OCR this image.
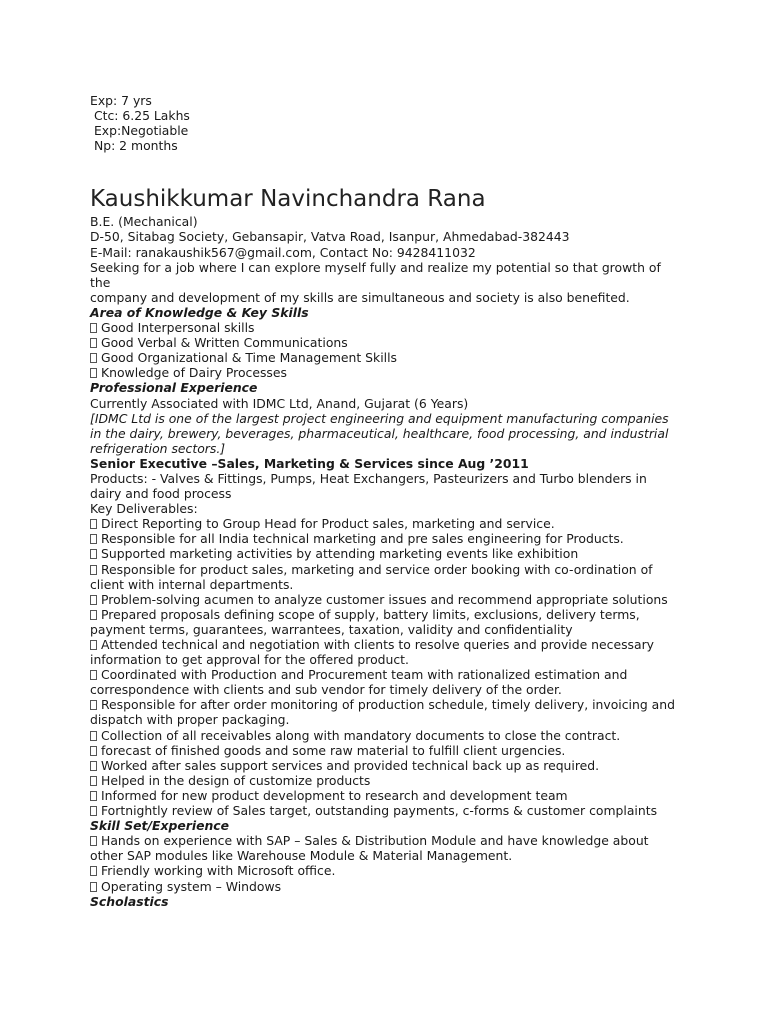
Exp: 7 yrs
Ctc: 6.25 Lakhs
Exp:Negotiable
Np: 2 months
Kaushikkumar Navinchandra Rana
B.E. (Mechanical)
D-50, Sitabag Society, Gebansapir, Vatva Road, Isanpur, Ahmedabad-382443
E-Mail: ranakaushik567@gmail.com, Contact No: 9428411032
Seeking for a job where I can explore myself fully and realize my potential so that growth of the
company and development of my skills are simultaneous and society is also benefited.
Area of Knowledge & Key Skills
Good Interpersonal skills
Good Verbal & Written Communications
Good Organizational & Time Management Skills
Knowledge of Dairy Processes
Professional Experience
Currently Associated with IDMC Ltd, Anand, Gujarat (6 Years)
[IDMC Ltd is one of the largest project engineering and equipment manufacturing companies in the dairy, brewery, beverages, pharmaceutical, healthcare, food processing, and industrial refrigeration sectors.]
Senior Executive –Sales, Marketing & Services since Aug ’2011
Products: - Valves & Fittings, Pumps, Heat Exchangers, Pasteurizers and Turbo blenders in dairy and food process
Key Deliverables:
Direct Reporting to Group Head for Product sales, marketing and service.
Responsible for all India technical marketing and pre sales engineering for Products.
Supported marketing activities by attending marketing events like exhibition
Responsible for product sales, marketing and service order booking with co-ordination of client with internal departments.
Problem-solving acumen to analyze customer issues and recommend appropriate solutions
Prepared proposals defining scope of supply, battery limits, exclusions, delivery terms, payment terms, guarantees, warrantees, taxation, validity and confidentiality
Attended technical and negotiation with clients to resolve queries and provide necessary information to get approval for the offered product.
Coordinated with Production and Procurement team with rationalized estimation and correspondence with clients and sub vendor for timely delivery of the order.
Responsible for after order monitoring of production schedule, timely delivery, invoicing and dispatch with proper packaging.
Collection of all receivables along with mandatory documents to close the contract.
forecast of finished goods and some raw material to fulfill client urgencies.
Worked after sales support services and provided technical back up as required.
Helped in the design of customize products
Informed for new product development to research and development team
Fortnightly review of Sales target, outstanding payments, c-forms & customer complaints
Skill Set/Experience
Hands on experience with SAP – Sales & Distribution Module and have knowledge about other SAP modules like Warehouse Module & Material Management.
Friendly working with Microsoft office.
Operating system – Windows
Scholastics
